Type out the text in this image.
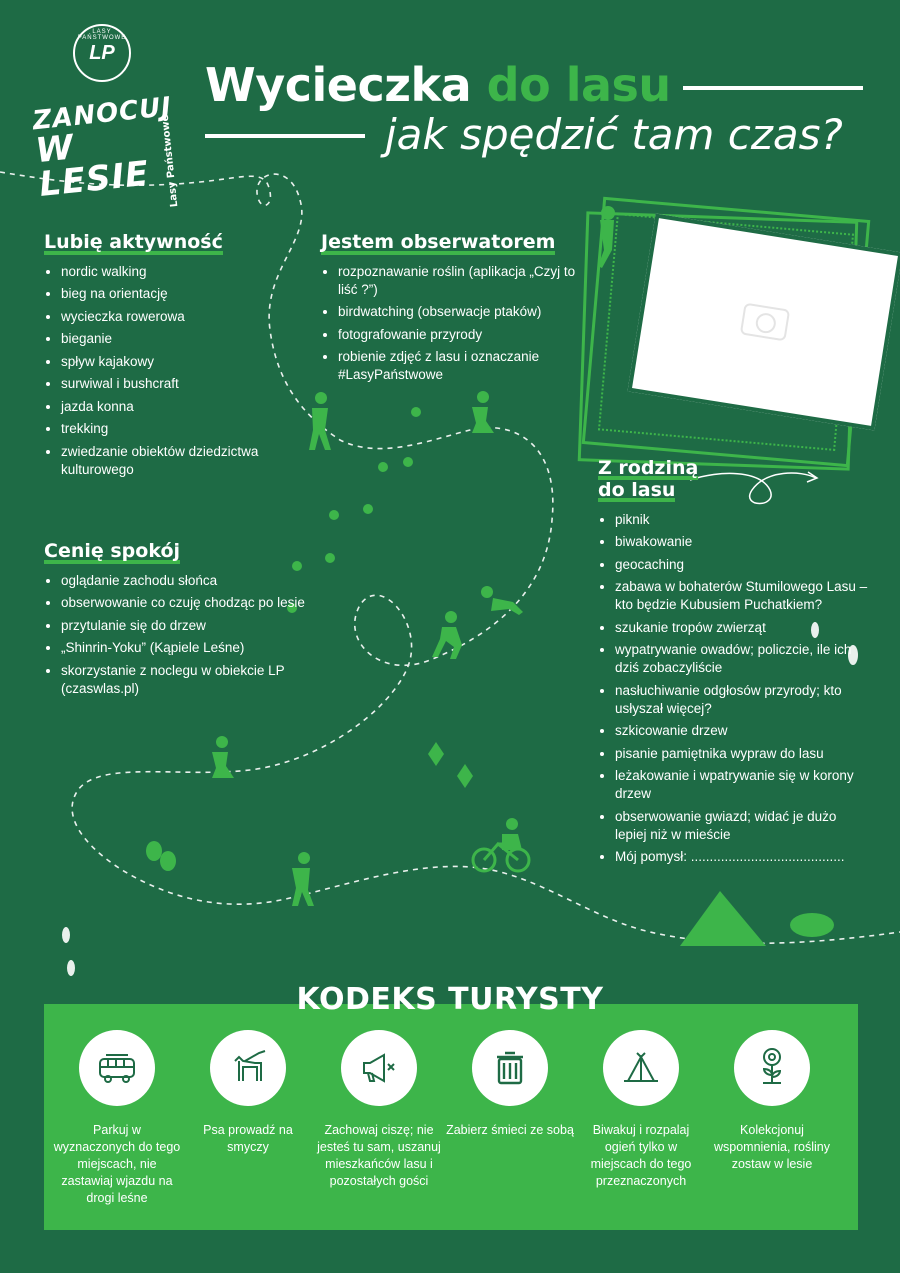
LASY PAŃSTWOWE
LP
ZANOCUJ
W LESIE Lasy Państwowe
Wycieczka do lasu
jak spędzić tam czas?
Lubię aktywność
nordic walking
bieg na orientację
wycieczka rowerowa
bieganie
spływ kajakowy
surwiwal i bushcraft
jazda konna
trekking
zwiedzanie obiektów dziedzictwa kulturowego
Jestem obserwatorem
rozpoznawanie roślin (aplikacja „Czyj to liść ?”)
birdwatching (obserwacje ptaków)
fotografowanie przyrody
robienie zdjęć z lasu i oznaczanie #LasyPaństwowe
Cenię spokój
oglądanie zachodu słońca
obserwowanie co czuję chodząc po lesie
przytulanie się do drzew
„Shinrin-Yoku” (Kąpiele Leśne)
skorzystanie z noclegu w obiekcie LP (czaswlas.pl)
Z rodziną
do lasu
piknik
biwakowanie
geocaching
zabawa w bohaterów Stumilowego Lasu – kto będzie Kubusiem Puchatkiem?
szukanie tropów zwierząt
wypatrywanie owadów; policzcie, ile ich dziś zobaczyliście
nasłuchiwanie odgłosów przyrody; kto usłyszał więcej?
szkicowanie drzew
pisanie pamiętnika wypraw do lasu
leżakowanie i wpatrywanie się w korony drzew
obserwowanie gwiazd; widać je dużo lepiej niż w mieście
Mój pomysł: .........................................
Parkuj w wyznaczonych do tego miejscach, nie zastawiaj wjazdu na drogi leśne
Psa prowadź na smyczy
Zachowaj ciszę; nie jesteś tu sam, uszanuj mieszkańców lasu i pozostałych gości
Zabierz śmieci ze sobą	Biwakuj i rozpalaj ogień tylko w miejscach do tego przeznaczonych
Kolekcjonuj wspomnienia, rośliny zostaw w lesie
KODEKS TURYSTY
